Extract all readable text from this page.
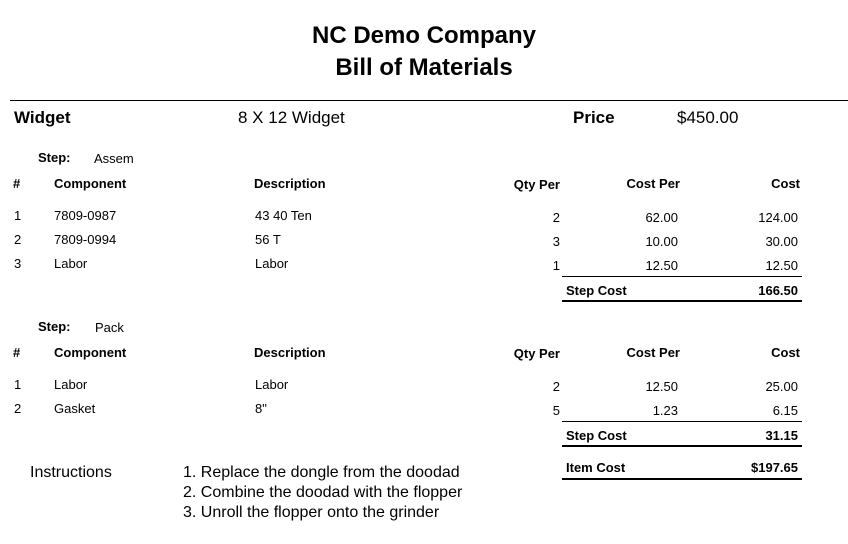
NC Demo Company
Bill of Materials
Widget	8 X 12 Widget	Price	$450.00
Step: Assem
#	Component	Description	Qty Per	Cost Per	Cost
1	7809-0987	43 40 Ten	2	62.00	124.00
2	7809-0994	56 T	3	10.00	30.00
3	Labor	Labor	1	12.50	12.50
Step Cost	166.50
Step: Pack
#	Component	Description	Qty Per	Cost Per	Cost
1	Labor	Labor	2	12.50	25.00
2	Gasket	8"	5	1.23	6.15
Step Cost	31.15
Item Cost	$197.65
Instructions	1. Replace the dongle from the doodad
2. Combine the doodad with the flopper
3. Unroll the flopper onto the grinder
